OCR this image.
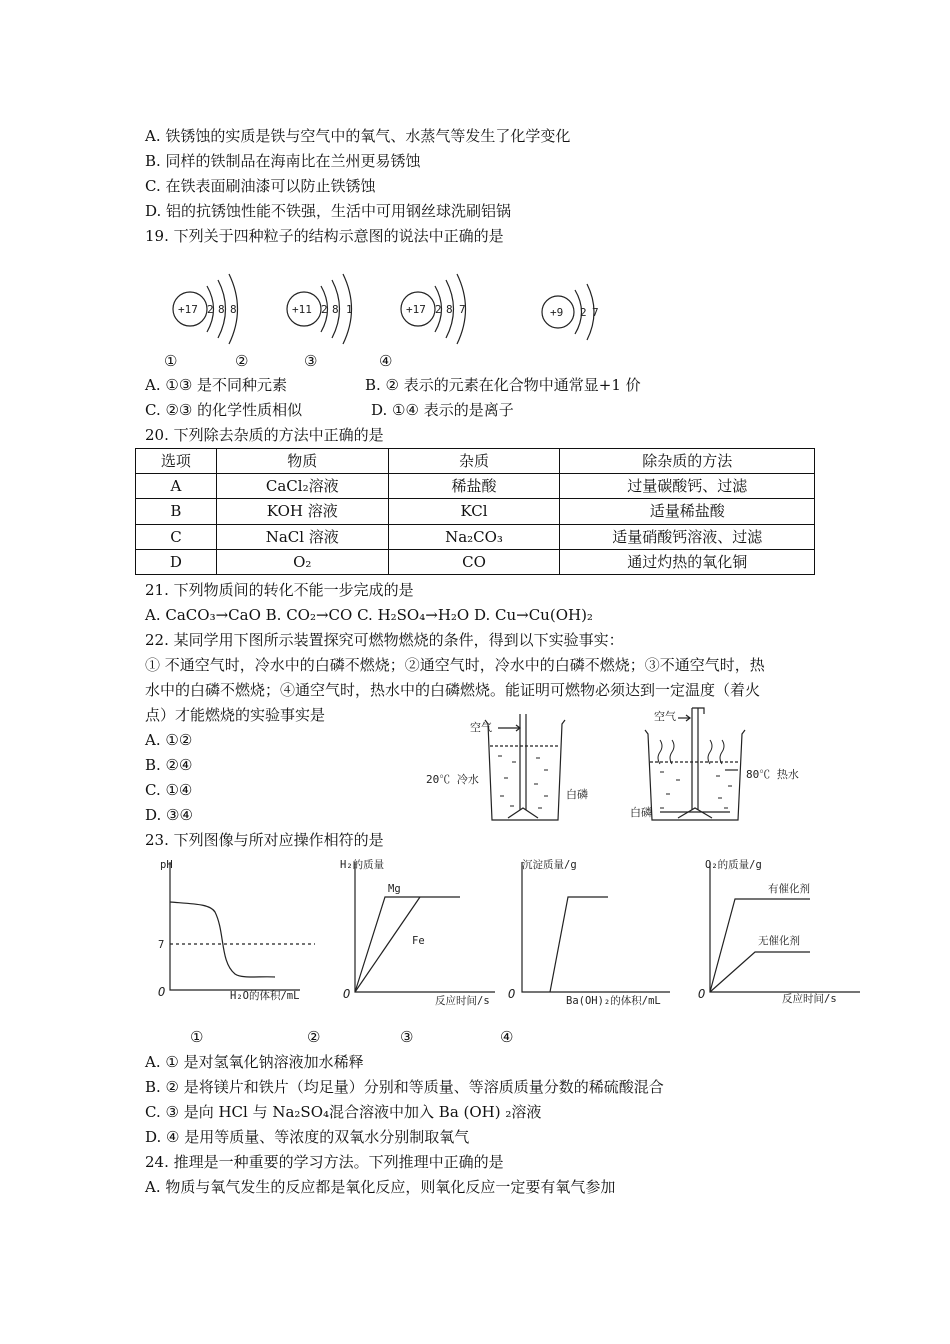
A. 铁锈蚀的实质是铁与空气中的氧气、水蒸气等发生了化学变化
B. 同样的铁制品在海南比在兰州更易锈蚀
C. 在铁表面刷油漆可以防止铁锈蚀
D. 铝的抗锈蚀性能不铁强，生活中可用钢丝球洗刷铝锅
19. 下列关于四种粒子的结构示意图的说法中正确的是
+17 2 8 8	+11 2 8 1	+17 2 8 7	+9 2 7
①	②	③	④
A. ①③ 是不同种元素	B. ② 表示的元素在化合物中通常显+1 价
C. ②③ 的化学性质相似	D. ①④ 表示的是离子
20. 下列除去杂质的方法中正确的是
选项	物质	杂质	除杂质的方法
A	CaCl₂溶液	稀盐酸	过量碳酸钙、过滤
B	KOH 溶液	KCl	适量稀盐酸
C	NaCl 溶液	Na₂CO₃	适量硝酸钙溶液、过滤
D	O₂	CO	通过灼热的氧化铜
21. 下列物质间的转化不能一步完成的是
A. CaCO₃→CaO B. CO₂→CO C. H₂SO₄→H₂O D. Cu→Cu(OH)₂
22. 某同学用下图所示装置探究可燃物燃烧的条件，得到以下实验事实：
① 不通空气时，冷水中的白磷不燃烧；②通空气时，冷水中的白磷不燃烧；③不通空气时，热
水中的白磷不燃烧；④通空气时，热水中的白磷燃烧。能证明可燃物必须达到一定温度（着火
点）才能燃烧的实验事实是
A. ①②
B. ②④
C. ①④
D. ③④
空气
20℃ 冷水
白磷
空气
80℃ 热水
白磷
23. 下列图像与所对应操作相符的是
pH
7
O	H₂O的体积/mL
H₂的质量
Mg
Fe
O	反应时间/s
沉淀质量/g
O	Ba(OH)₂的体积/mL
O₂的质量/g
有催化剂
无催化剂
O	反应时间/s
①	②	③	④
A. ① 是对氢氧化钠溶液加水稀释
B. ② 是将镁片和铁片（均足量）分别和等质量、等溶质质量分数的稀硫酸混合
C. ③ 是向 HCl 与 Na₂SO₄混合溶液中加入 Ba (OH) ₂溶液
D. ④ 是用等质量、等浓度的双氧水分别制取氧气
24. 推理是一种重要的学习方法。下列推理中正确的是
A. 物质与氧气发生的反应都是氧化反应，则氧化反应一定要有氧气参加
